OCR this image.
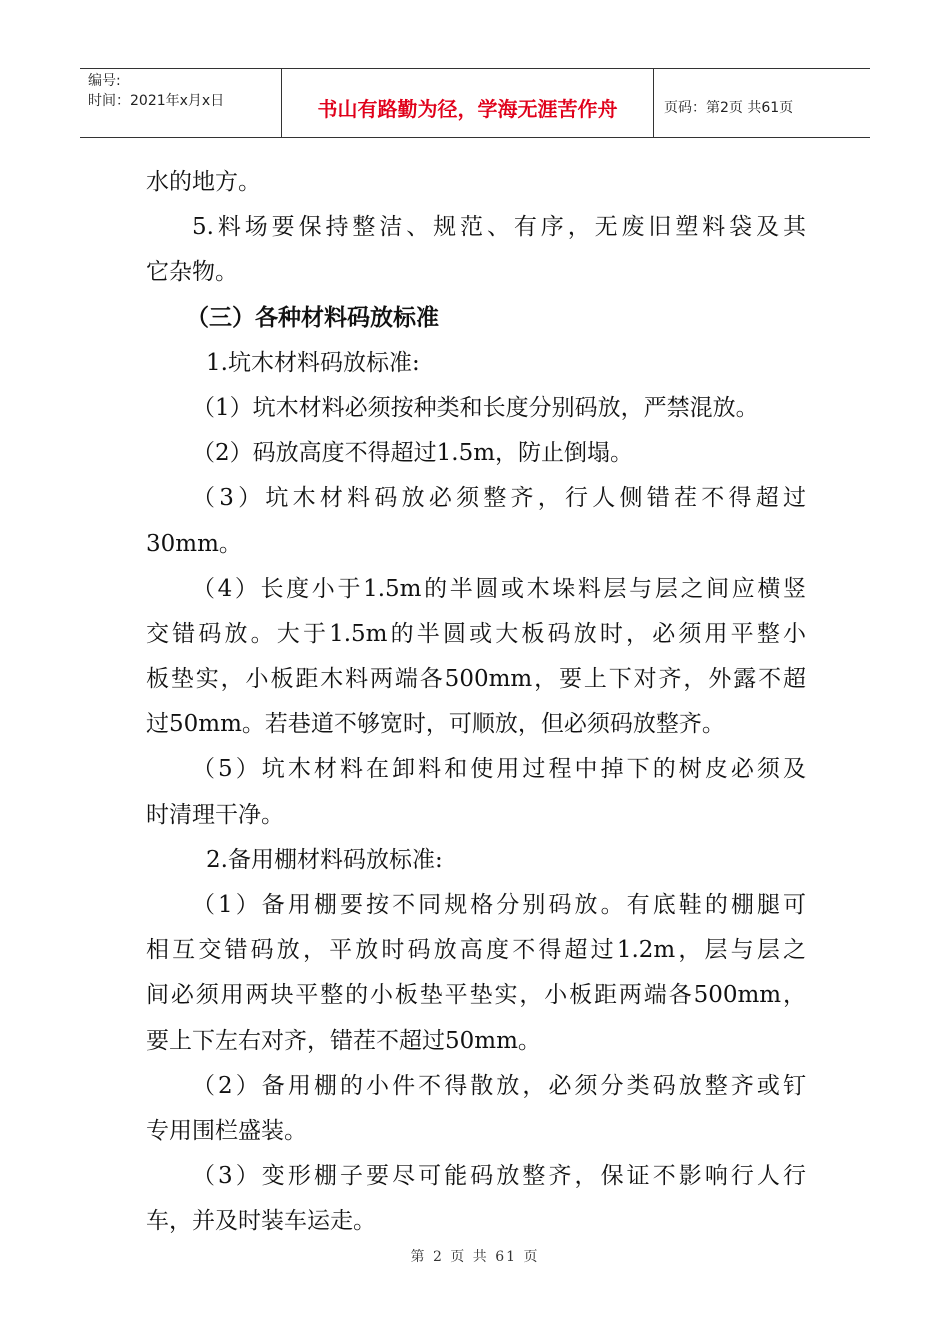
编号:
时间：2021年x月x日	书山有路勤为径，学海无涯苦作舟	页码：第2页 共61页
水的地方。
5.料场要保持整洁、规范、有序，无废旧塑料袋及其
它杂物。
（三）各种材料码放标准
1.坑木材料码放标准:
（1）坑木材料必须按种类和长度分别码放，严禁混放。
（2）码放高度不得超过1.5m，防止倒塌。
（3）坑木材料码放必须整齐，行人侧错茬不得超过
30mm。
（4）长度小于1.5m的半圆或木垛料层与层之间应横竖
交错码放。大于1.5m的半圆或大板码放时，必须用平整小
板垫实，小板距木料两端各500mm，要上下对齐，外露不超
过50mm。若巷道不够宽时，可顺放，但必须码放整齐。
（5）坑木材料在卸料和使用过程中掉下的树皮必须及
时清理干净。
2.备用棚材料码放标准:
（1）备用棚要按不同规格分别码放。有底鞋的棚腿可
相互交错码放，平放时码放高度不得超过1.2m，层与层之
间必须用两块平整的小板垫平垫实，小板距两端各500mm，
要上下左右对齐，错茬不超过50mm。
（2）备用棚的小件不得散放，必须分类码放整齐或钉
专用围栏盛装。
（3）变形棚子要尽可能码放整齐，保证不影响行人行
车，并及时装车运走。
第 2 页 共 61 页
